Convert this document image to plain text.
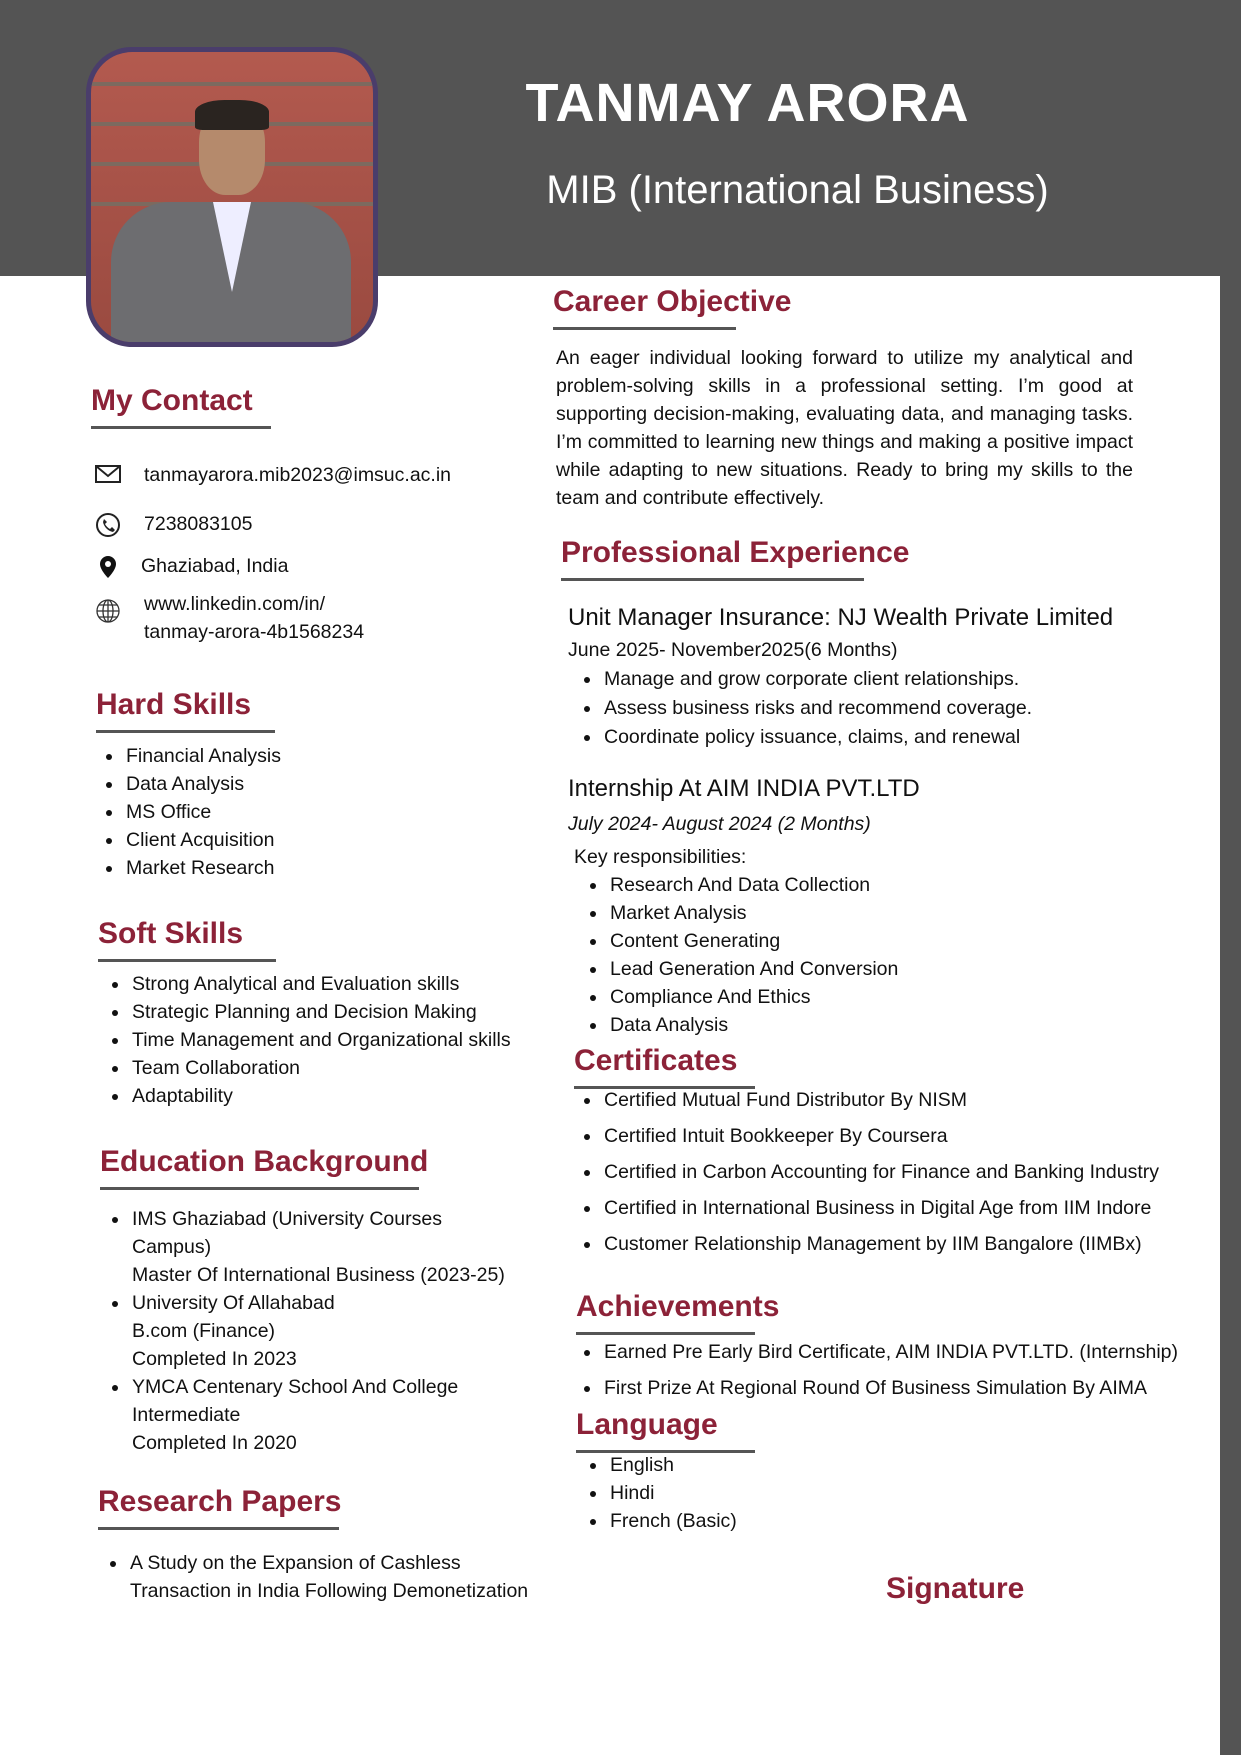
TANMAY ARORA
MIB (International Business)
My Contact
tanmayarora.mib2023@imsuc.ac.in
7238083105
Ghaziabad, India
www.linkedin.com/in/
tanmay-arora-4b1568234
Hard Skills
Financial Analysis
Data Analysis
MS Office
Client Acquisition
Market Research
Soft Skills
Strong Analytical and Evaluation skills
Strategic Planning and Decision Making
Time Management and Organizational skills
Team Collaboration
Adaptability
Education Background
IMS Ghaziabad (University Courses
Campus)
Master Of International Business (2023-25)
University Of Allahabad
B.com (Finance)
Completed In 2023
YMCA Centenary School And College
Intermediate
Completed In 2020
Research Papers
A Study on the Expansion of Cashless
Transaction in India Following Demonetization
Career Objective
An eager individual looking forward to utilize my analytical and problem-solving skills in a professional setting. I’m good at supporting decision-making, evaluating data, and managing tasks. I’m committed to learning new things and making a positive impact while adapting to new situations. Ready to bring my skills to the team and contribute effectively.
Professional Experience
Unit Manager Insurance: NJ Wealth Private Limited
June 2025- November2025(6 Months)
Manage and grow corporate client relationships.
Assess business risks and recommend coverage.
Coordinate policy issuance, claims, and renewal
Internship At AIM INDIA PVT.LTD
July 2024- August 2024 (2 Months)
Key responsibilities:
Research And Data Collection
Market Analysis
Content Generating
Lead Generation And Conversion
Compliance And Ethics
Data Analysis
Certificates
Certified Mutual Fund Distributor By NISM
Certified Intuit Bookkeeper By Coursera
Certified in Carbon Accounting for Finance and Banking Industry
Certified in International Business in Digital Age from IIM Indore
Customer Relationship Management by IIM Bangalore (IIMBx)
Achievements
Earned Pre Early Bird Certificate, AIM INDIA PVT.LTD. (Internship)
First Prize At Regional Round Of Business Simulation By AIMA
Language
English
Hindi
French (Basic)
Signature
